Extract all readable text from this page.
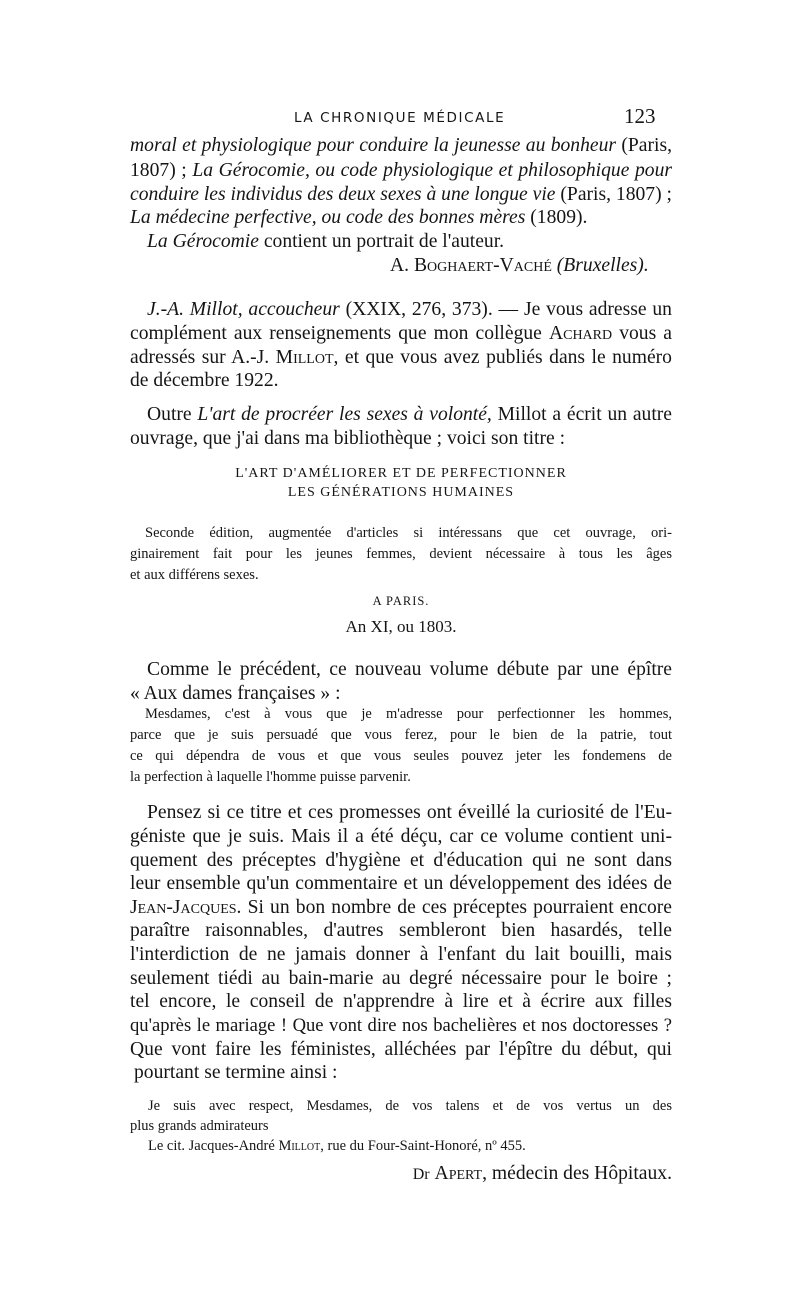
LA CHRONIQUE MÉDICALE	123
moral et physiologique pour conduire la jeunesse au bonheur (Paris,
1807) ; La Gérocomie, ou code physiologique et philosophique pour
conduire les individus des deux sexes à une longue vie (Paris, 1807) ;
La médecine perfective, ou code des bonnes mères (1809).
La Gérocomie contient un portrait de l'auteur.
A. Boghaert-Vaché (Bruxelles).
J.-A. Millot, accoucheur (XXIX, 276, 373). — Je vous adresse un
complément aux renseignements que mon collègue Achard vous a
adressés sur A.-J. Millot, et que vous avez publiés dans le numéro
de décembre 1922.
Outre L'art de procréer les sexes à volonté, Millot a écrit un autre
ouvrage, que j'ai dans ma bibliothèque ; voici son titre :
L'ART D'AMÉLIORER ET DE PERFECTIONNER
LES GÉNÉRATIONS HUMAINES
Seconde édition, augmentée d'articles si intéressans que cet ouvrage, ori-
ginairement fait pour les jeunes femmes, devient nécessaire à tous les âges
et aux différens sexes.
A PARIS.
An XI, ou 1803.
Comme le précédent, ce nouveau volume débute par une épître
« Aux dames françaises » :
Mesdames, c'est à vous que je m'adresse pour perfectionner les hommes,
parce que je suis persuadé que vous ferez, pour le bien de la patrie, tout
ce qui dépendra de vous et que vous seules pouvez jeter les fondemens de
la perfection à laquelle l'homme puisse parvenir.
Pensez si ce titre et ces promesses ont éveillé la curiosité de l'Eu-
géniste que je suis. Mais il a été déçu, car ce volume contient uni-
quement des préceptes d'hygiène et d'éducation qui ne sont dans
leur ensemble qu'un commentaire et un développement des idées de
Jean-Jacques. Si un bon nombre de ces préceptes pourraient encore
paraître raisonnables, d'autres sembleront bien hasardés, telle
l'interdiction de ne jamais donner à l'enfant du lait bouilli, mais
seulement tiédi au bain-marie au degré nécessaire pour le boire ;
tel encore, le conseil de n'apprendre à lire et à écrire aux filles
qu'après le mariage ! Que vont dire nos bachelières et nos doctoresses ?
Que vont faire les féministes, alléchées par l'épître du début, qui
pourtant se termine ainsi :
Je suis avec respect, Mesdames, de vos talens et de vos vertus un des
plus grands admirateurs
Le cit. Jacques-André Millot, rue du Four-Saint-Honoré, nº 455.
Dr Apert, médecin des Hôpitaux.
